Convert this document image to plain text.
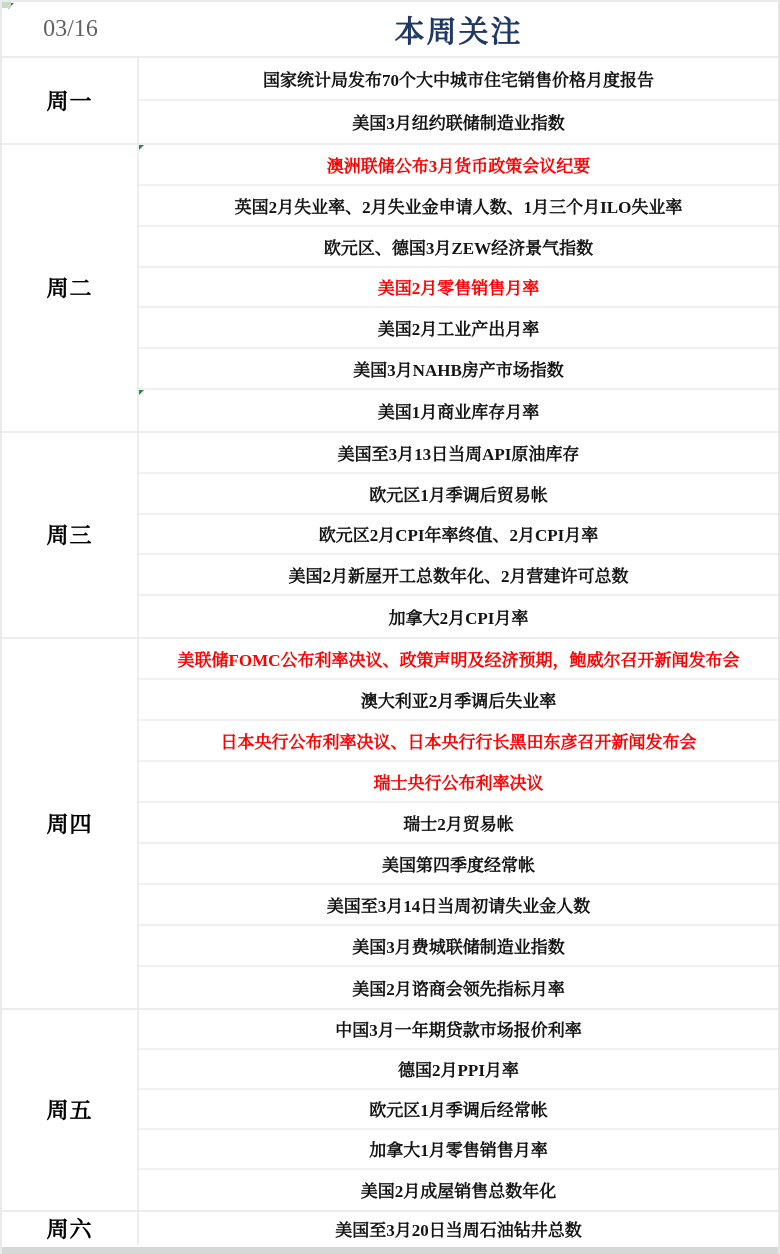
03/16	本周关注
周一
国家统计局发布70个大中城市住宅销售价格月度报告
美国3月纽约联储制造业指数
周二
澳洲联储公布3月货币政策会议纪要
英国2月失业率、2月失业金申请人数、1月三个月ILO失业率
欧元区、德国3月ZEW经济景气指数
美国2月零售销售月率
美国2月工业产出月率
美国3月NAHB房产市场指数
美国1月商业库存月率
周三
美国至3月13日当周API原油库存
欧元区1月季调后贸易帐
欧元区2月CPI年率终值、2月CPI月率
美国2月新屋开工总数年化、2月营建许可总数
加拿大2月CPI月率
周四
美联储FOMC公布利率决议、政策声明及经济预期，鲍威尔召开新闻发布会
澳大利亚2月季调后失业率
日本央行公布利率决议、日本央行行长黑田东彦召开新闻发布会
瑞士央行公布利率决议
瑞士2月贸易帐
美国第四季度经常帐
美国至3月14日当周初请失业金人数
美国3月费城联储制造业指数
美国2月谘商会领先指标月率
周五
中国3月一年期贷款市场报价利率
德国2月PPI月率
欧元区1月季调后经常帐
加拿大1月零售销售月率
美国2月成屋销售总数年化
周六	美国至3月20日当周石油钻井总数
